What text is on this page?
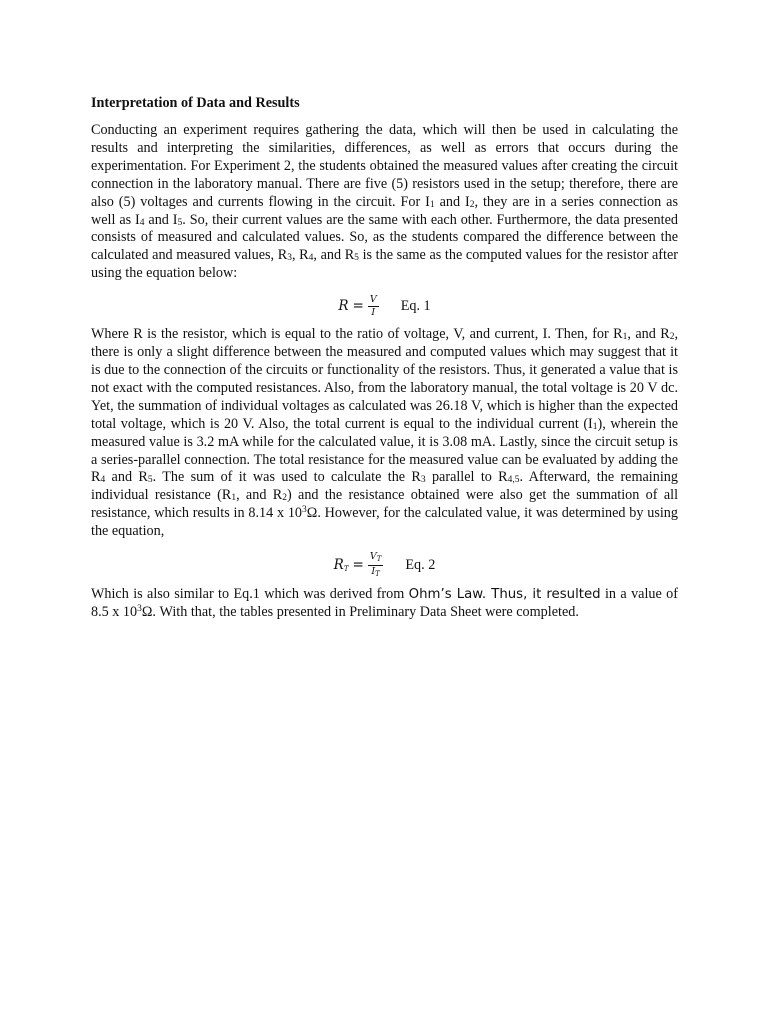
Interpretation of Data and Results

Conducting an experiment requires gathering the data, which will then be used in calculating the results and interpreting the similarities, differences, as well as errors that occurs during the experimentation. For Experiment 2, the students obtained the measured values after creating the circuit connection in the laboratory manual. There are five (5) resistors used in the setup; therefore, there are also (5) voltages and currents flowing in the circuit. For $I_1$ and $I_2$, they are in a series connection as well as $I_4$ and $I_5$. So, their current values are the same with each other. Furthermore, the data presented consists of measured and calculated values. So, as the students compared the difference between the calculated and measured values, $R_3$, $R_4$, and $R_5$ is the same as the computed values for the resistor after using the equation below:

$R = \frac{V}{I} Eq$. 1

Where R is the resistor, which is equal to the ratio of voltage, V, and current, I. Then, for $R_1$, and $R_2$, there is only a slight difference between the measured and computed values which may suggest that it is due to the connection of the circuits or functionality of the resistors. Thus, it generated a value that is not exact with the computed resistances. Also, from the laboratory manual, the total voltage is 20 V dc. Yet, the summation of individual voltages as calculated was 26.18 V, which is higher than the expected total voltage, which is 20 V. Also, the total current is equal to the individual current $(I_1)$, wherein the measured value is 3.2 mA while for the calculated value, it is 3.08 mA. Lastly, since the circuit setup is a series-parallel connection. The total resistance for the measured value can be evaluated by adding the $R_4$ and $R_5$. The sum of it was used to calculate the $R_3$ parallel to $R_{4,5}$. Afterward, the remaining individual resistance ($R_1$, and $R_2$) and the resistance obtained were also get the summation of all resistance, which results in 8.14 x $10^3\Omega$. However, for the calculated value, it was determined by using the equation,

RT = $\frac{V_T}{I_T} Eq$. 2

Which is also similar to Eq.1 which was derived from Ohm’s Law. Thus, it resulted in a value of 8.5 x $10^3\Omega$. With that, the tables presented in Preliminary Data Sheet were completed.
